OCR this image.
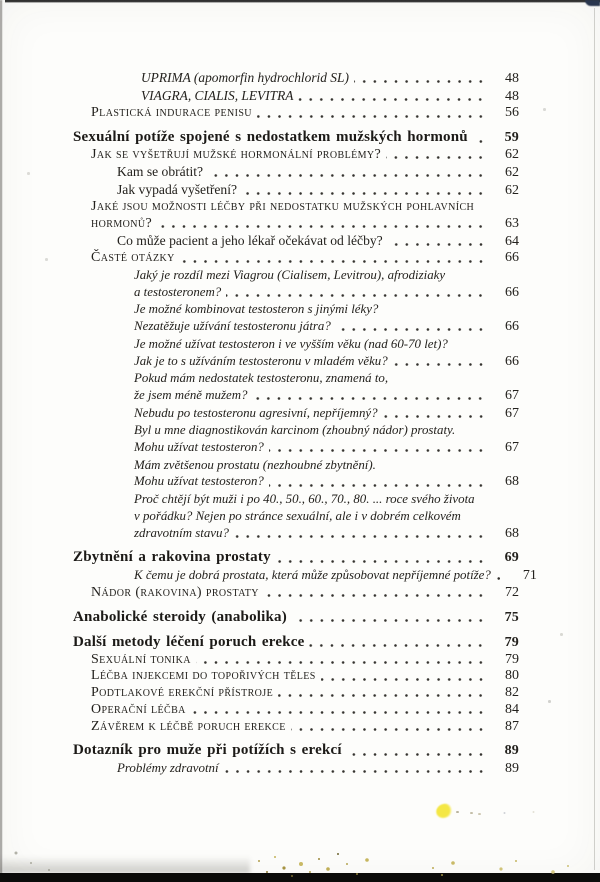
UPRIMA (apomorfin hydrochlorid SL)	48
VIAGRA, CIALIS, LEVITRA	48
Plastická indurace penisu	56
Sexuální potíže spojené s nedostatkem mužských hormonů	59
Jak se vyšetřují mužské hormonální problémy?	62
Kam se obrátit?	62
Jak vypadá vyšetření?	62
Jaké jsou možnosti léčby při nedostatku mužských pohlavních
hormonů?	63
Co může pacient a jeho lékař očekávat od léčby?	64
Časté otázky	66
Jaký je rozdíl mezi Viagrou (Cialisem, Levitrou), afrodiziaky
a testosteronem?	66
Je možné kombinovat testosteron s jinými léky?
Nezatěžuje užívání testosteronu játra?	66
Je možné užívat testosteron i ve vyšším věku (nad 60-70 let)?
Jak je to s užíváním testosteronu v mladém věku?	66
Pokud mám nedostatek testosteronu, znamená to,
že jsem méně mužem?	67
Nebudu po testosteronu agresivní, nepříjemný?	67
Byl u mne diagnostikován karcinom (zhoubný nádor) prostaty.
Mohu užívat testosteron?	67
Mám zvětšenou prostatu (nezhoubné zbytnění).
Mohu užívat testosteron?	68
Proč chtějí být muži i po 40., 50., 60., 70., 80. ... roce svého života
v pořádku? Nejen po stránce sexuální, ale i v dobrém celkovém
zdravotním stavu?	68
Zbytnění a rakovina prostaty	69
K čemu je dobrá prostata, která může způsobovat nepříjemné potíže?	71
Nádor (rakovina) prostaty	72
Anabolické steroidy (anabolika)	75
Další metody léčení poruch erekce	79
Sexuální tonika	79
Léčba injekcemi do topořivých těles	80
Podtlakové erekční přístroje	82
Operační léčba	84
Závěrem k léčbě poruch erekce	87
Dotazník pro muže při potížích s erekcí	89
Problémy zdravotní	89
